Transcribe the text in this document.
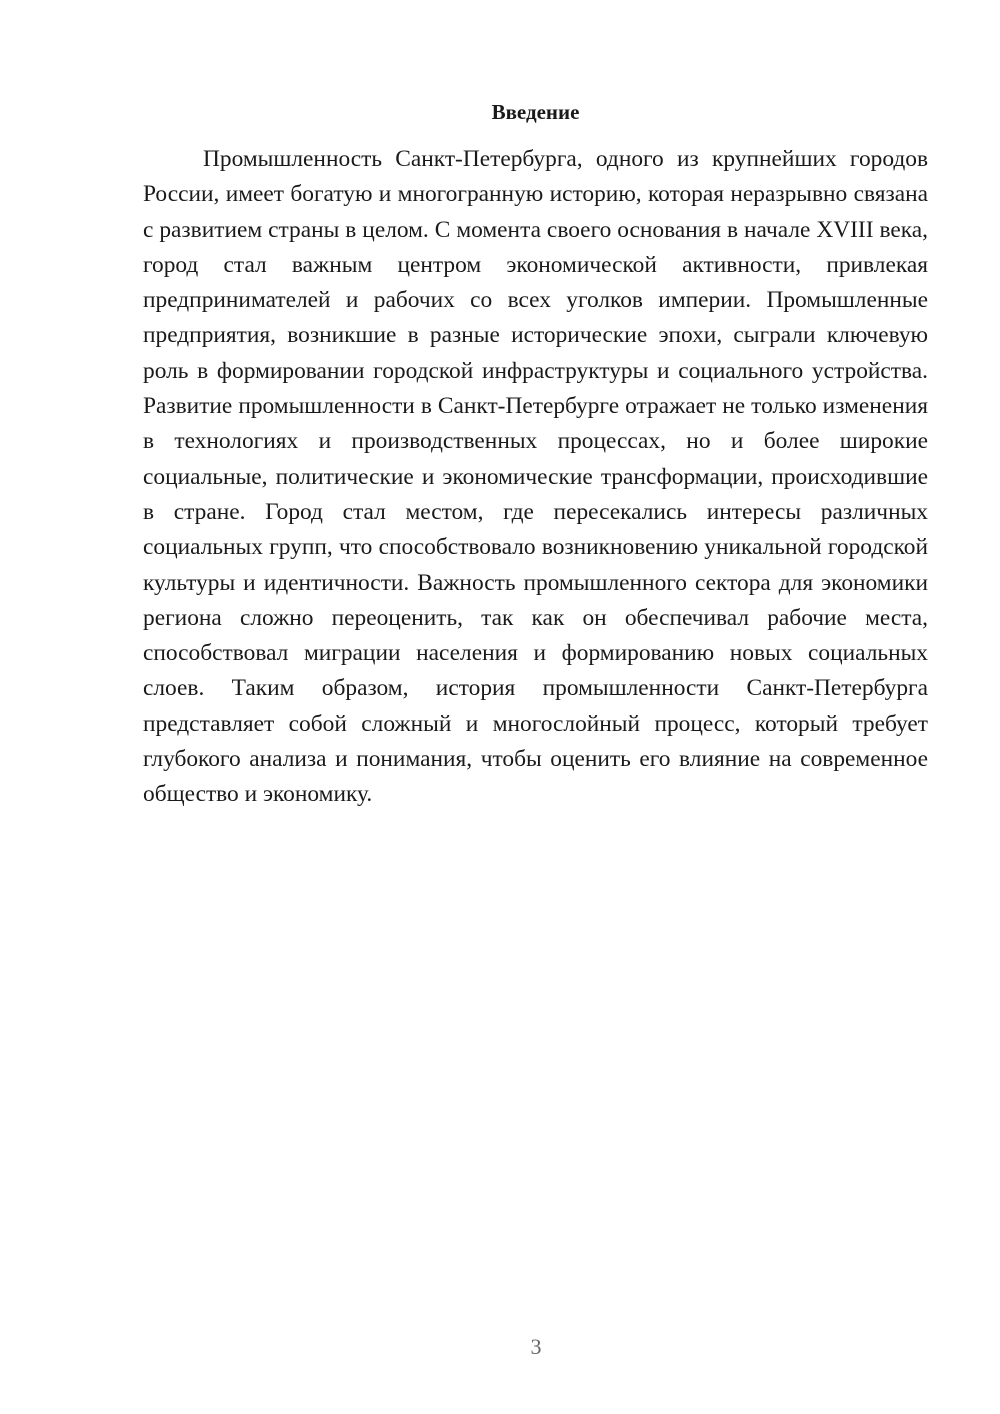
Введение

Промышленность Санкт-Петербурга, одного из крупнейших городов России, имеет богатую и многогранную историю, которая неразрывно связана с развитием страны в целом. С момента своего основания в начале XVIII века, город стал важным центром экономической активности, привлекая предпринимателей и рабочих со всех уголков империи. Промышленные предприятия, возникшие в разные исторические эпохи, сыграли ключевую роль в формировании городской инфраструктуры и социального устройства. Развитие промышленности в Санкт-Петербурге отражает не только изменения в технологиях и производственных процессах, но и более широкие социальные, политические и экономические трансформации, происходившие в стране. Город стал местом, где пересекались интересы различных социальных групп, что способствовало возникновению уникальной городской культуры и идентичности. Важность промышленного сектора для экономики региона сложно переоценить, так как он обеспечивал рабочие места, способствовал миграции населения и формированию новых социальных слоев. Таким образом, история промышленности Санкт-Петербурга представляет собой сложный и многослойный процесс, который требует глубокого анализа и понимания, чтобы оценить его влияние на современное общество и экономику.

3
